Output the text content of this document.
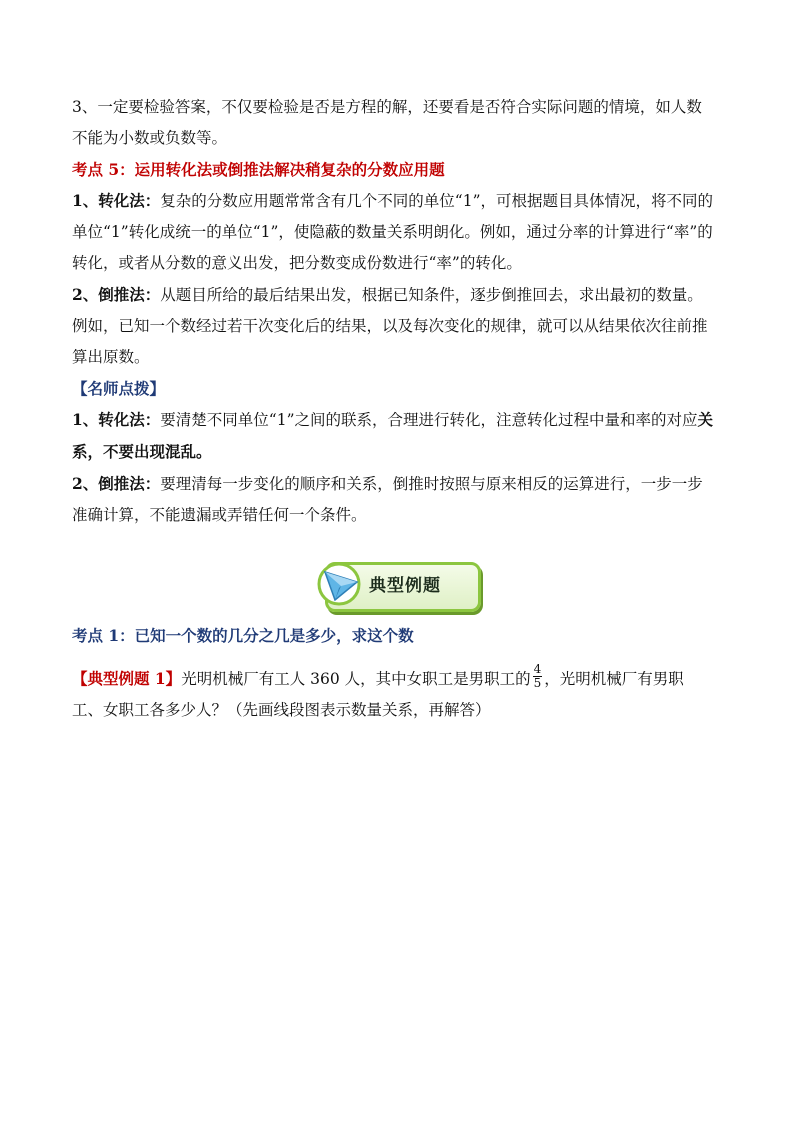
3、一定要检验答案，不仅要检验是否是方程的解，还要看是否符合实际问题的情境，如人数
不能为小数或负数等。

考点 5：运用转化法或倒推法解决稍复杂的分数应用题

1、转化法：复杂的分数应用题常常含有几个不同的单位“1”，可根据题目具体情况，将不同的
单位“1”转化成统一的单位“1”，使隐蔽的数量关系明朗化。例如，通过分率的计算进行“率”的
转化，或者从分数的意义出发，把分数变成份数进行“率”的转化。

2、倒推法：从题目所给的最后结果出发，根据已知条件，逐步倒推回去，求出最初的数量。
例如，已知一个数经过若干次变化后的结果，以及每次变化的规律，就可以从结果依次往前推
算出原数。

【名师点拨】

1、转化法：要清楚不同单位“1”之间的联系，合理进行转化，注意转化过程中量和率的对应关
系，不要出现混乱。

2、倒推法：要理清每一步变化的顺序和关系，倒推时按照与原来相反的运算进行，一步一步
准确计算，不能遗漏或弄错任何一个条件。

典型例题

考点 1：已知一个数的几分之几是多少，求这个数

【典型例题 1】光明机械厂有工人 360 人，其中女职工是男职工的 $\frac{4}{5}$ ，光明机械厂有男职
工、女职工各多少人？（先画线段图表示数量关系，再解答）
